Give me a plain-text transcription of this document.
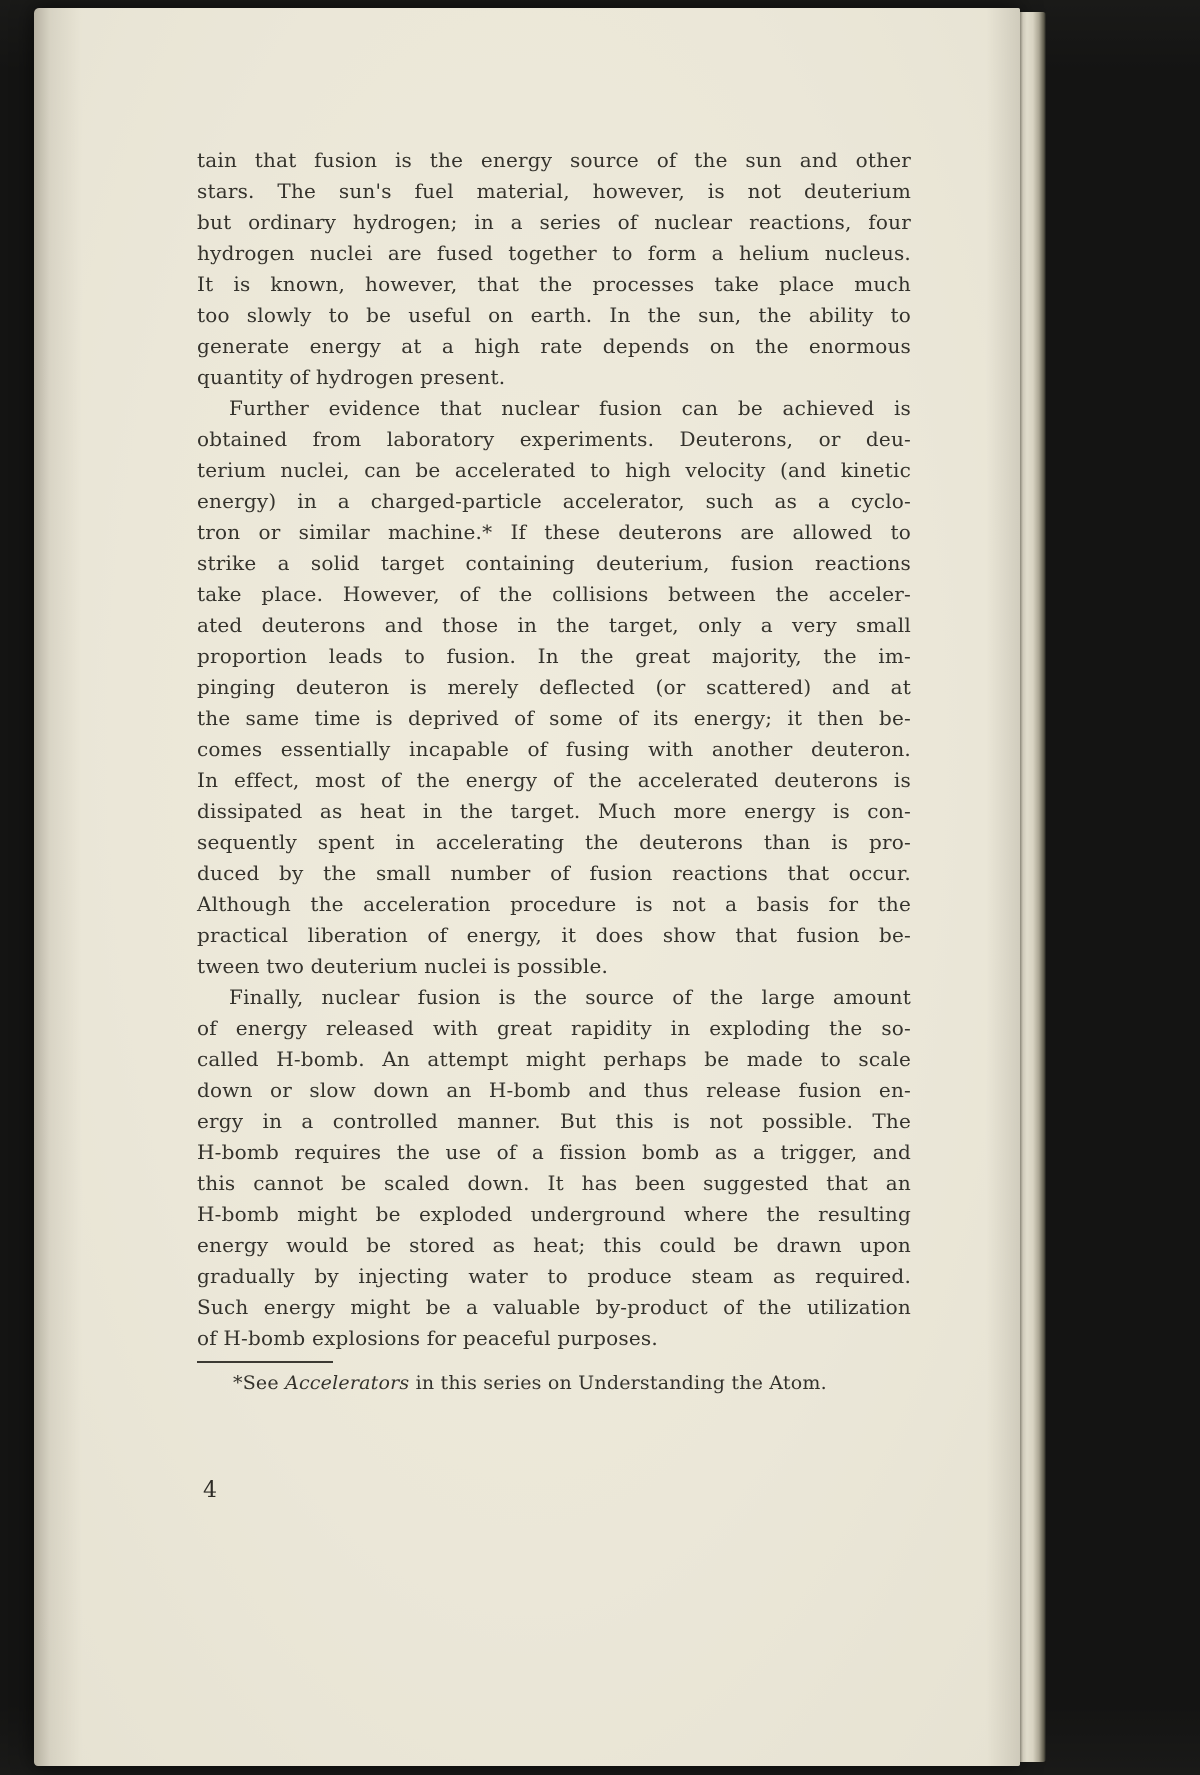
tain that fusion is the energy source of the sun and other
stars. The sun's fuel material, however, is not deuterium
but ordinary hydrogen; in a series of nuclear reactions, four
hydrogen nuclei are fused together to form a helium nucleus.
It is known, however, that the processes take place much
too slowly to be useful on earth. In the sun, the ability to
generate energy at a high rate depends on the enormous
quantity of hydrogen present.
Further evidence that nuclear fusion can be achieved is
obtained from laboratory experiments. Deuterons, or deu-
terium nuclei, can be accelerated to high velocity (and kinetic
energy) in a charged-particle accelerator, such as a cyclo-
tron or similar machine.* If these deuterons are allowed to
strike a solid target containing deuterium, fusion reactions
take place. However, of the collisions between the acceler-
ated deuterons and those in the target, only a very small
proportion leads to fusion. In the great majority, the im-
pinging deuteron is merely deflected (or scattered) and at
the same time is deprived of some of its energy; it then be-
comes essentially incapable of fusing with another deuteron.
In effect, most of the energy of the accelerated deuterons is
dissipated as heat in the target. Much more energy is con-
sequently spent in accelerating the deuterons than is pro-
duced by the small number of fusion reactions that occur.
Although the acceleration procedure is not a basis for the
practical liberation of energy, it does show that fusion be-
tween two deuterium nuclei is possible.
Finally, nuclear fusion is the source of the large amount
of energy released with great rapidity in exploding the so-
called H-bomb. An attempt might perhaps be made to scale
down or slow down an H-bomb and thus release fusion en-
ergy in a controlled manner. But this is not possible. The
H-bomb requires the use of a fission bomb as a trigger, and
this cannot be scaled down. It has been suggested that an
H-bomb might be exploded underground where the resulting
energy would be stored as heat; this could be drawn upon
gradually by injecting water to produce steam as required.
Such energy might be a valuable by-product of the utilization
of H-bomb explosions for peaceful purposes.
*See Accelerators in this series on Understanding the Atom.
4
